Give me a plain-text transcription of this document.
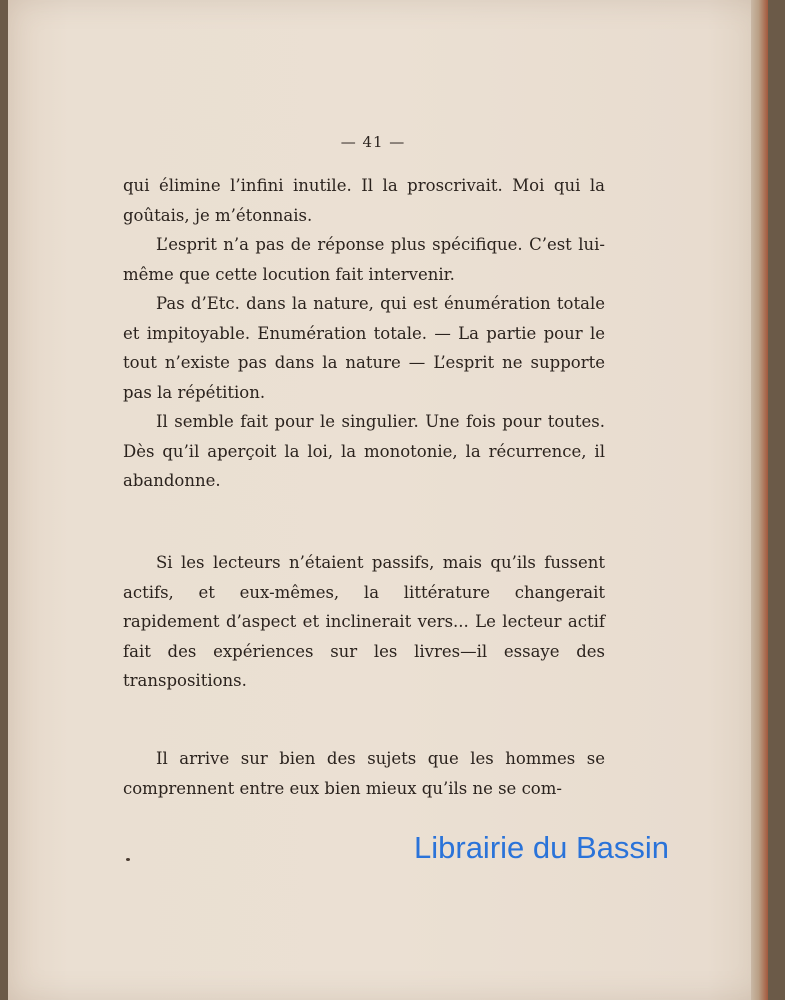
— 41 —

qui élimine l’infini inutile. Il la proscrivait. Moi qui la goûtais, je m’étonnais.

L’esprit n’a pas de réponse plus spécifique. C’est lui-même que cette locution fait intervenir.

Pas d’Etc. dans la nature, qui est énumération totale et impitoyable. Enumération totale. — La partie pour le tout n’existe pas dans la nature — L’esprit ne supporte pas la répétition.

Il semble fait pour le singulier. Une fois pour toutes. Dès qu’il aperçoit la loi, la monotonie, la récurrence, il abandonne.

Si les lecteurs n’étaient passifs, mais qu’ils fussent actifs, et eux-mêmes, la littérature changerait rapidement d’aspect et inclinerait vers... Le lecteur actif fait des expériences sur les livres—il essaye des transpositions.

Il arrive sur bien des sujets que les hommes se comprennent entre eux bien mieux qu’ils ne se com-

Librairie du Bassin
